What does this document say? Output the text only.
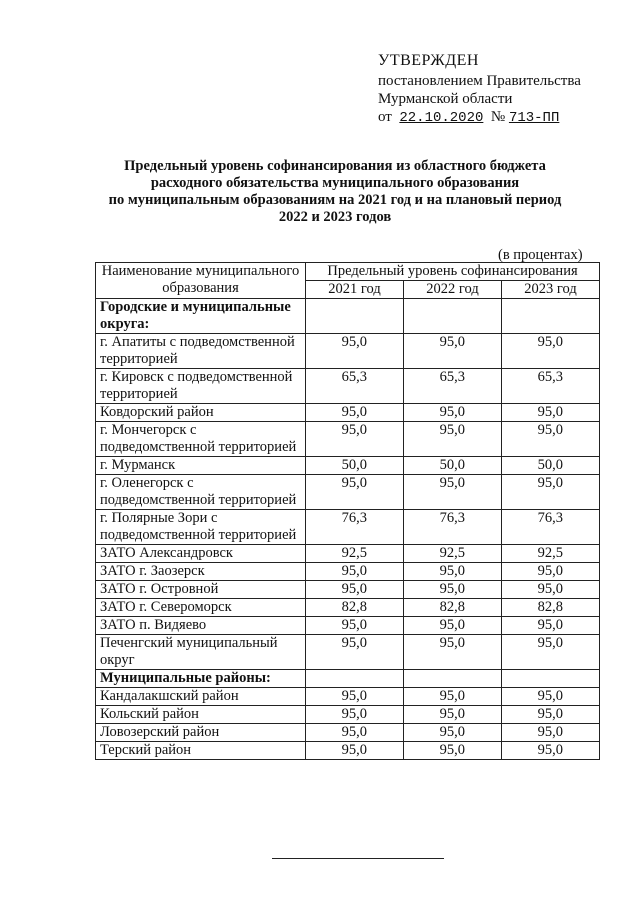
УТВЕРЖДЕН
постановлением Правительства
Мурманской области
от 22.10.2020 № 713-ПП
Предельный уровень софинансирования из областного бюджета
расходного обязательства муниципального образования
по муниципальным образованиям на 2021 год и на плановый период
2022 и 2023 годов
(в процентах)
Наименование муниципального образования	Предельный уровень софинансирования		
	2021 год	2022 год	2023 год
Городские и муниципальные округа:			
г. Апатиты с подведомственной территорией	95,0	95,0	95,0
г. Кировск с подведомственной территорией	65,3	65,3	65,3
Ковдорский район	95,0	95,0	95,0
г. Мончегорск с подведомственной территорией	95,0	95,0	95,0
г. Мурманск	50,0	50,0	50,0
г. Оленегорск с подведомственной территорией	95,0	95,0	95,0
г. Полярные Зори с подведомственной территорией	76,3	76,3	76,3
ЗАТО Александровск	92,5	92,5	92,5
ЗАТО г. Заозерск	95,0	95,0	95,0
ЗАТО г. Островной	95,0	95,0	95,0
ЗАТО г. Североморск	82,8	82,8	82,8
ЗАТО п. Видяево	95,0	95,0	95,0
Печенгский муниципальный округ	95,0	95,0	95,0
Муниципальные районы:			
Кандалакшский район	95,0	95,0	95,0
Кольский район	95,0	95,0	95,0
Ловозерский район	95,0	95,0	95,0
Терский район	95,0	95,0	95,0
